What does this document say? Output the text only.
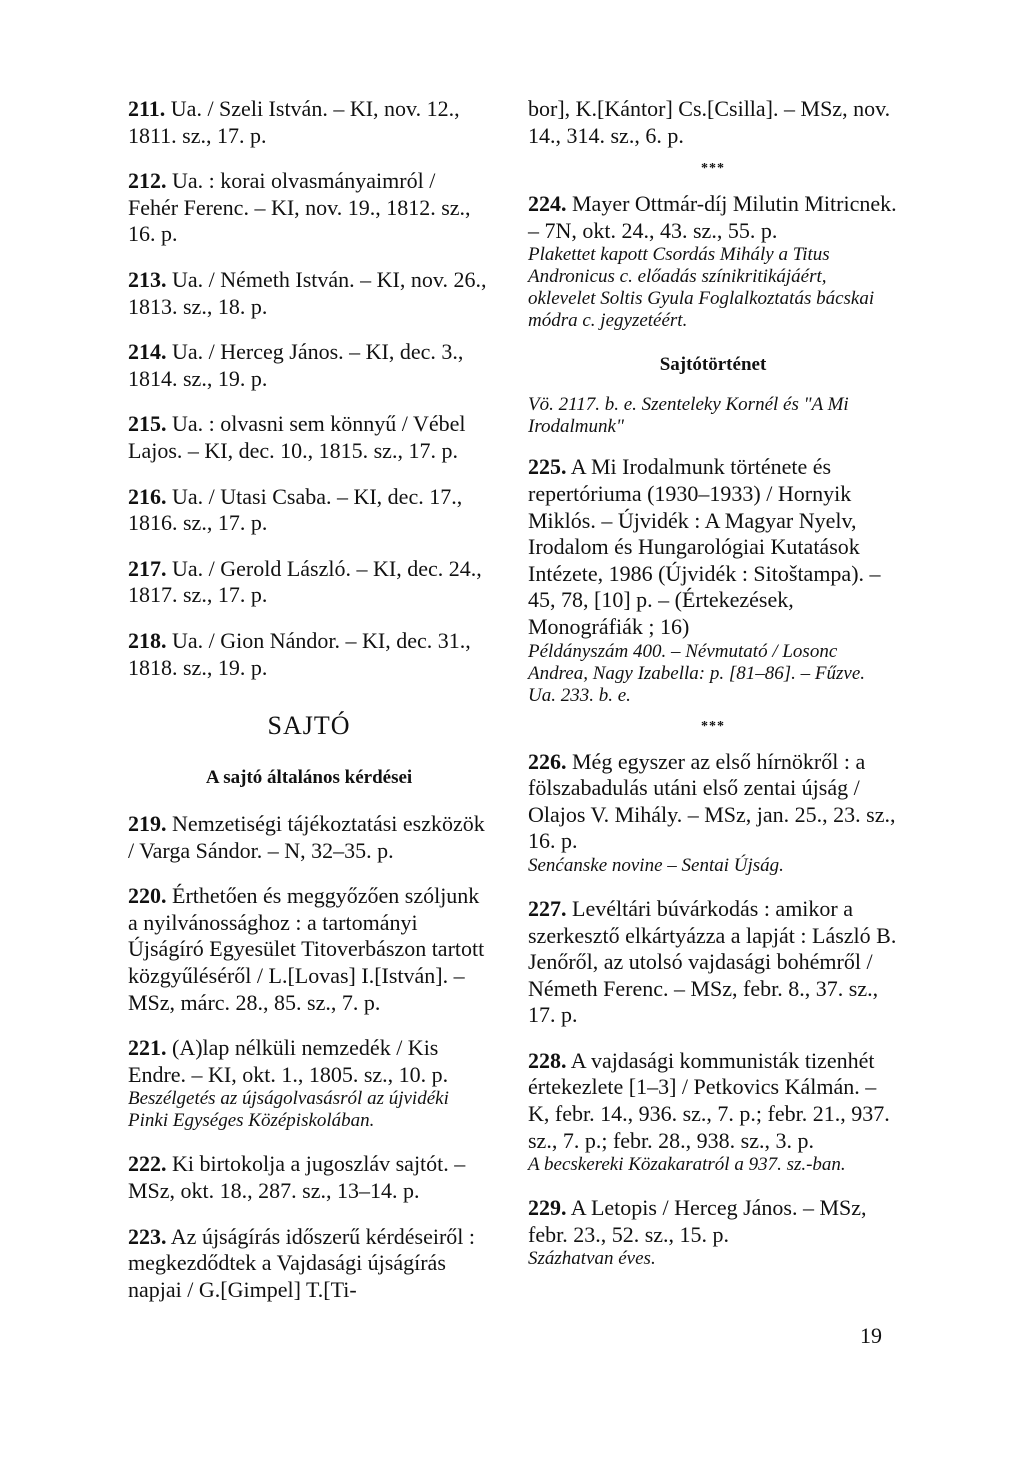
211. Ua. / Szeli István. – KI, nov. 12., 1811. sz., 17. p.
212. Ua. : korai olvasmányaimról / Fehér Ferenc. – KI, nov. 19., 1812. sz., 16. p.
213. Ua. / Németh István. – KI, nov. 26., 1813. sz., 18. p.
214. Ua. / Herceg János. – KI, dec. 3., 1814. sz., 19. p.
215. Ua. : olvasni sem könnyű / Vébel Lajos. – KI, dec. 10., 1815. sz., 17. p.
216. Ua. / Utasi Csaba. – KI, dec. 17., 1816. sz., 17. p.
217. Ua. / Gerold László. – KI, dec. 24., 1817. sz., 17. p.
218. Ua. / Gion Nándor. – KI, dec. 31., 1818. sz., 19. p.
SAJTÓ
A sajtó általános kérdései
219. Nemzetiségi tájékoztatási eszközök / Varga Sándor. – N, 32–35. p.
220. Érthetően és meggyőzően szóljunk a nyilvánossághoz : a tartományi Újságíró Egyesület Titoverbászon tartott közgyűléséről / L.[Lovas] I.[István]. – MSz, márc. 28., 85. sz., 7. p.
221. (A)lap nélküli nemzedék / Kis Endre. – KI, okt. 1., 1805. sz., 10. p.
Beszélgetés az újságolvasásról az újvidéki Pinki Egységes Középiskolában.
222. Ki birtokolja a jugoszláv sajtót. – MSz, okt. 18., 287. sz., 13–14. p.
223. Az újságírás időszerű kérdéseiről : megkezdődtek a Vajdasági újságírás napjai / G.[Gimpel] T.[Ti-
bor], K.[Kántor] Cs.[Csilla]. – MSz, nov. 14., 314. sz., 6. p.
***
224. Mayer Ottmár-díj Milutin Mitricnek. – 7N, okt. 24., 43. sz., 55. p.
Plakettet kapott Csordás Mihály a Titus Andronicus c. előadás színikritikájáért, oklevelet Soltis Gyula Foglalkoztatás bácskai módra c. jegyzetéért.
Sajtótörténet
Vö. 2117. b. e. Szenteleky Kornél és "A Mi Irodalmunk"
225. A Mi Irodalmunk története és repertóriuma (1930–1933) / Hornyik Miklós. – Újvidék : A Magyar Nyelv, Irodalom és Hungarológiai Kutatások Intézete, 1986 (Újvidék : Sitoštampa). – 45, 78, [10] p. – (Értekezések, Monográfiák ; 16)
Példányszám 400. – Névmutató / Losonc Andrea, Nagy Izabella: p. [81–86]. – Fűzve.
Ua. 233. b. e.
***
226. Még egyszer az első hírnökről : a fölszabadulás utáni első zentai újság / Olajos V. Mihály. – MSz, jan. 25., 23. sz., 16. p.
Senćanske novine – Sentai Újság.
227. Levéltári búvárkodás : amikor a szerkesztő elkártyázza a lapját : László B. Jenőről, az utolsó vajdasági bohémről / Németh Ferenc. – MSz, febr. 8., 37. sz., 17. p.
228. A vajdasági kommunisták tizenhét értekezlete [1–3] / Petkovics Kálmán. – K, febr. 14., 936. sz., 7. p.; febr. 21., 937. sz., 7. p.; febr. 28., 938. sz., 3. p.
A becskereki Közakaratról a 937. sz.-ban.
229. A Letopis / Herceg János. – MSz, febr. 23., 52. sz., 15. p.
Százhatvan éves.
19
